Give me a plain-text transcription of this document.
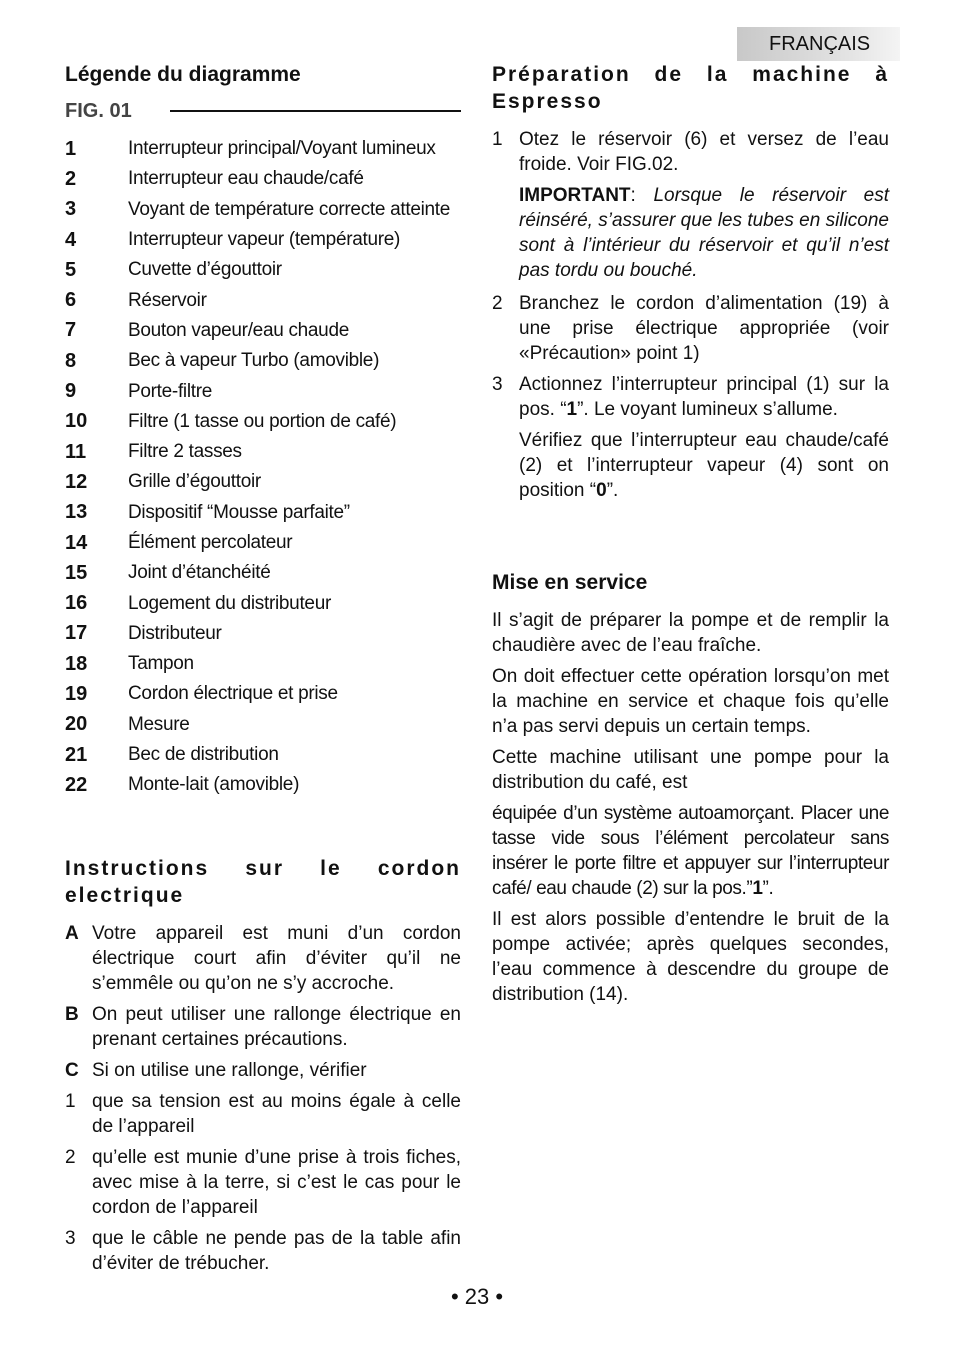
FRANÇAIS
Légende du diagramme
FIG. 01
1	Interrupteur principal/Voyant lumineux
2	Interrupteur eau chaude/café
3	Voyant de température correcte atteinte
4	Interrupteur vapeur (température)
5	Cuvette d’égouttoir
6	Réservoir
7	Bouton vapeur/eau chaude
8	Bec à vapeur Turbo (amovible)
9	Porte-filtre
10	Filtre (1 tasse ou portion de café)
11	Filtre 2 tasses
12	Grille d’égouttoir
13	Dispositif “Mousse parfaite”
14	Élément percolateur
15	Joint d’étanchéité
16	Logement du distributeur
17	Distributeur
18	Tampon
19	Cordon électrique et prise
20	Mesure
21	Bec de distribution
22	Monte-lait (amovible)
Instructions sur le cordon electrique
A Votre appareil est muni d’un cordon électrique court afin d’éviter qu’il ne s’emmêle ou qu’on ne s’y accroche.

B On peut utiliser une rallonge électrique en prenant certaines précautions.

C Si on utilise une rallonge, vérifier

1 que sa tension est au moins égale à celle de l’appareil

2 qu’elle est munie d’une prise à trois fiches, avec mise à la terre, si c’est le cas pour le cordon de l’appareil

3 que le câble ne pende pas de la table afin d’éviter de trébucher.

Préparation de la machine à Espresso
1 Otez le réservoir (6) et versez de l’eau froide. Voir FIG.02.

IMPORTANT: Lorsque le réservoir est réinséré, s’assurer que les tubes en silicone sont à l’intérieur du réservoir et qu’il n’est pas tordu ou bouché.

2 Branchez le cordon d’alimentation (19) à une prise électrique appropriée (voir «Précaution» point 1)

3 Actionnez l’interrupteur principal (1) sur la pos. “1”. Le voyant lumineux s’allume.

Vérifiez que l’interrupteur eau chaude/café (2) et l’interrupteur vapeur (4) sont on position “0”.

Mise en service

Il s’agit de préparer la pompe et de remplir la chaudière avec de l’eau fraîche.

On doit effectuer cette opération lorsqu’on met la machine en service et chaque fois qu’elle n’a pas servi depuis un certain temps.

Cette machine utilisant une pompe pour la distribution du café, est

équipée d’un système autoamorçant. Placer une tasse vide sous l’élément percolateur sans insérer le porte filtre et appuyer sur l’interrupteur café/ eau chaude (2) sur la pos.”1”.

Il est alors possible d’entendre le bruit de la pompe activée; après quelques secondes, l’eau commence à descendre du groupe de distribution (14).

• 23 •
